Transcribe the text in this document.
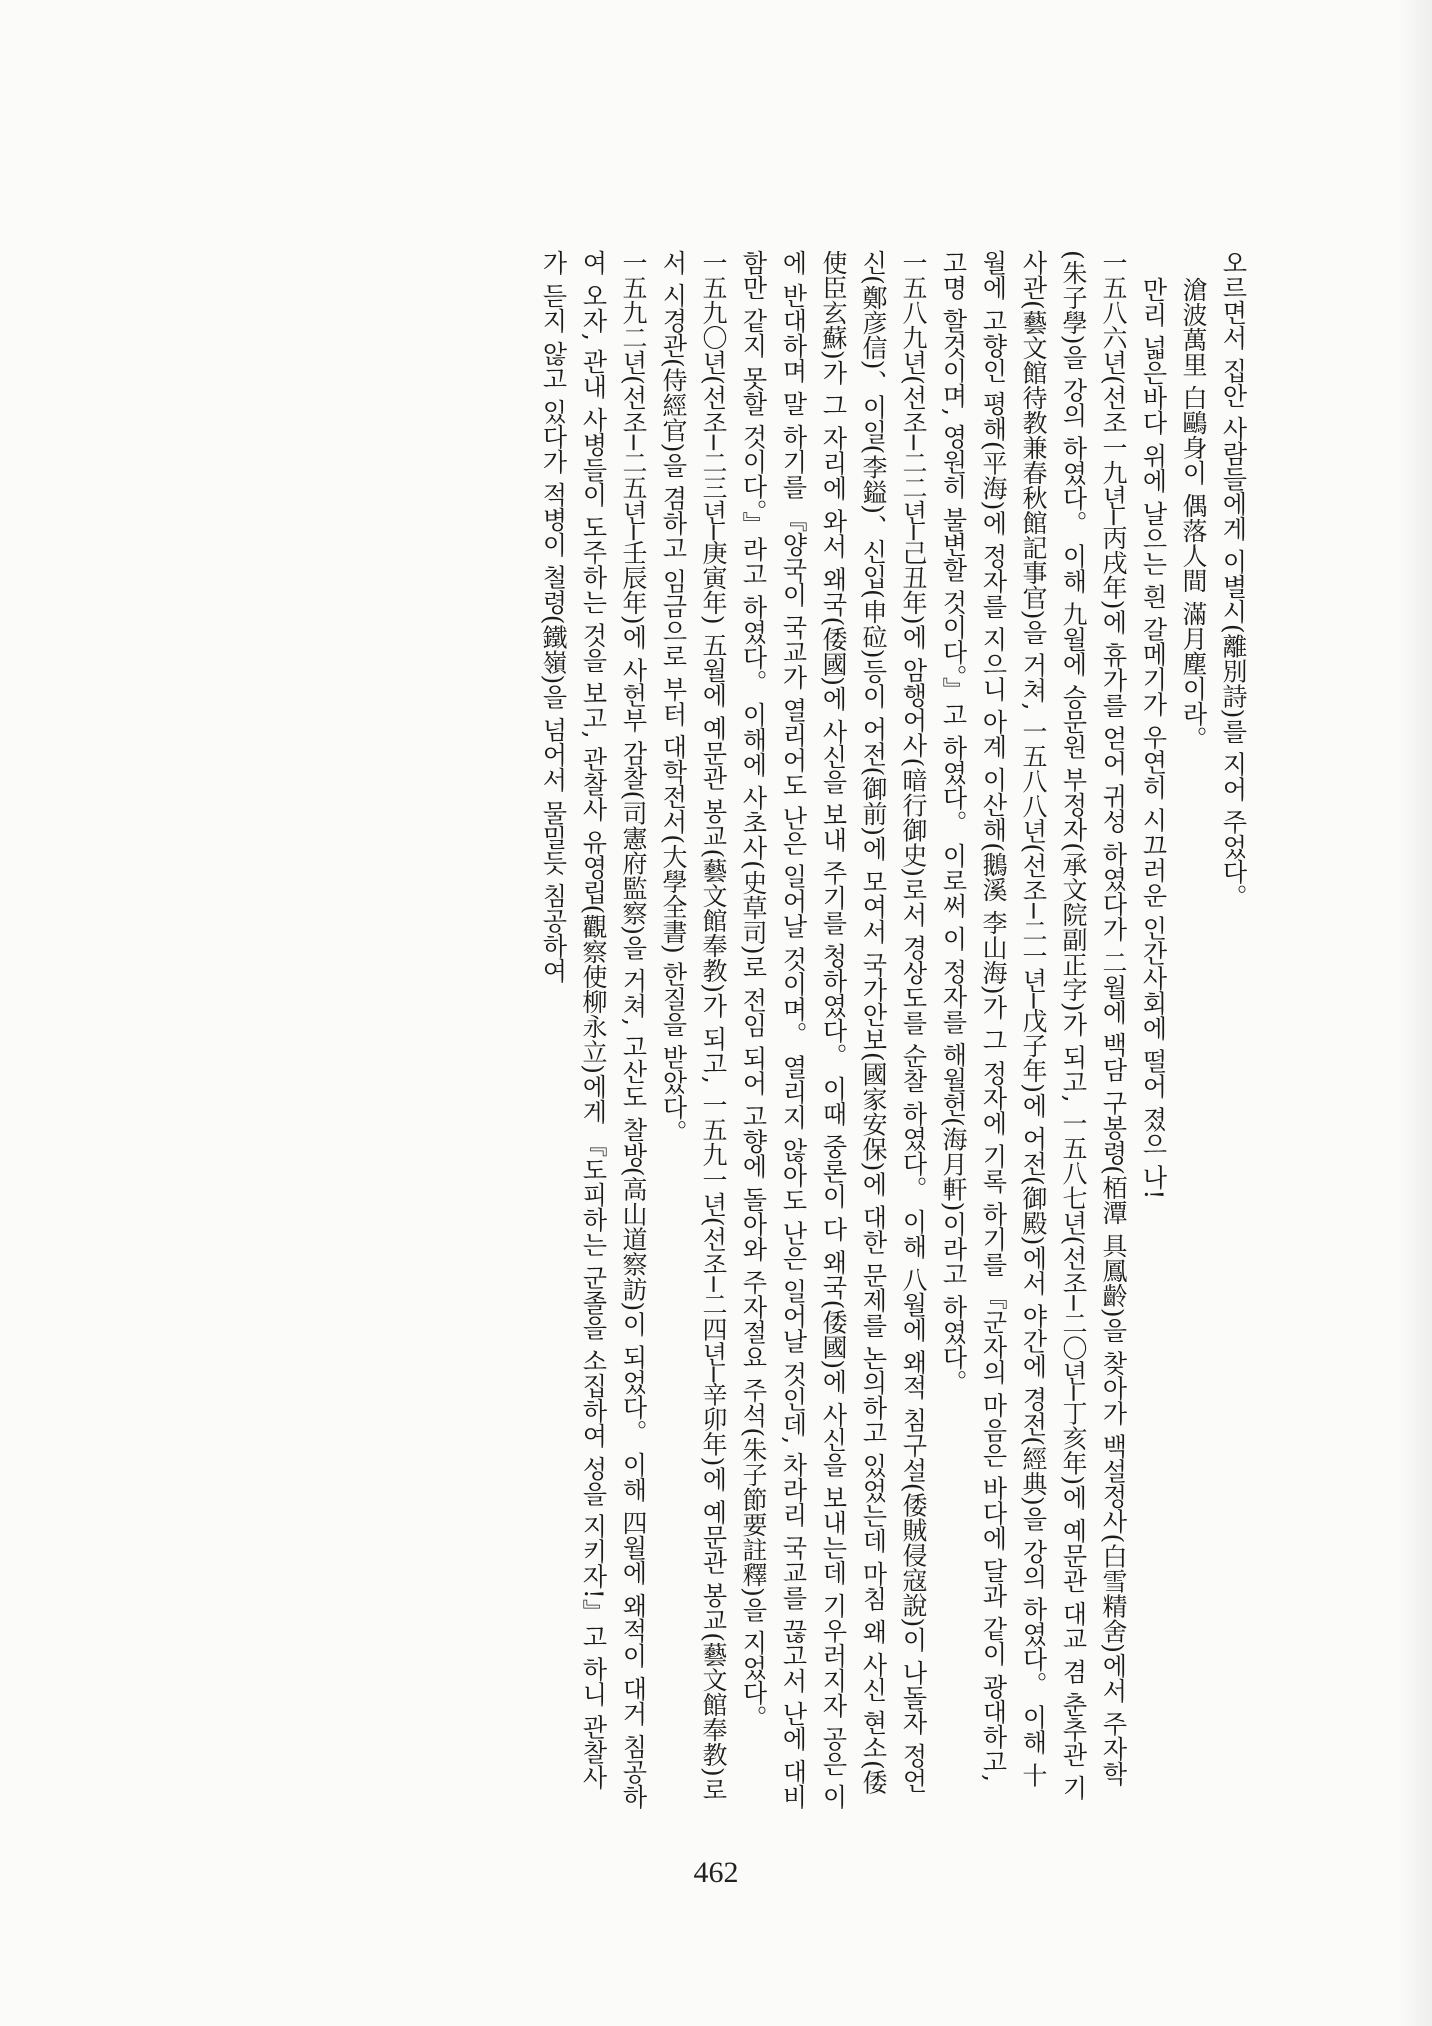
오르면서 집안 사람들에게 이별시(離別詩)를 지어 주었다。

滄波萬里 白鷗身이 偶落人間 滿月塵이라。

만리 넓은바다 위에 날으는 흰 갈메기가 우연히 시끄러운 인간사회에 떨어 졌으 나!

一五八六년(선조一九년─丙戌年)에 휴가를 얻어 귀성 하였다가 二월에 백담 구봉령(栢潭 具鳳齡)을 찾아가 백설정사(白雪精舍)에서 주자학(朱子學)을 강의 하였다。 이해 九월에 승문원 부정자(承文院副正字)가 되고, 一五八七년(선조─二〇년─丁亥年)에 예문관 대교 겸 춘추관 기사관(藝文館待教兼春秋館記事官)을 거쳐, 一五八八년(선조─二一년─戊子年)에 어전(御殿)에서 야간에 경전(經典)을 강의 하였다。 이해 十월에 고향인 평해(平海)에 정자를 지으니 아계 이산해(鵝溪 李山海)가 그 정자에 기록 하기를 『군자의 마음은 바다에 달과 같이 광대하고, 고명 할것이며, 영원히 불변할 것이다。』고 하였다。 이로써 이 정자를 해월헌(海月軒)이라고 하였다。

一五八九년(선조─二二년─己丑年)에 암행어사(暗行御史)로서 경상도를 순찰 하였다。 이해 八월에 왜적 침구설(倭賊侵寇說)이 나돌자 정언신(鄭彦信)、이일(李鎰)、신입(申砬)등이 어전(御前)에 모여서 국가안보(國家安保)에 대한 문제를 논의하고 있었는데 마침 왜 사신 현소(倭使臣玄蘇)가 그 자리에 와서 왜국(倭國)에 사신을 보내 주기를 청하였다。 이때 중론이 다 왜국(倭國)에 사신을 보내는데 기우러지자 공은 이에 반대하며 말 하기를 『양국이 국교가 열리어도 난은 일어날 것이며。 열리지 않아도 난은 일어날 것인데, 차라리 국교를 끊고서 난에 대비함만 같지 못할 것이다。』라고 하였다。 이해에 사초사(史草司)로 전임 되어 고향에 돌아와 주자절요 주석(朱子節要註釋)을 지었다。

一五九〇년(선조─二三년─庚寅年) 五월에 예문관 봉교(藝文館奉教)가 되고, 一五九一년(선조─二四년─辛卯年)에 예문관 봉교(藝文館奉教)로서 시경관(侍經官)을 겸하고 임금으로 부터 대학전서(大學全書) 한질을 받았다。

一五九二년(선조─二五년─壬辰年)에 사헌부 감찰(司憲府監察)을 거쳐, 고산도 찰방(高山道察訪)이 되었다。 이해 四월에 왜적이 대거 침공하여 오자, 관내 사병들이 도주하는 것을 보고, 관찰사 유영립(觀察使柳永立)에게 『도피하는 군졸을 소집하여 성을 지키자!』고 하니 관찰사가 듣지 않고 있다가 적병이 철령(鐵嶺)을 넘어서 물밀듯 침공하여

462
